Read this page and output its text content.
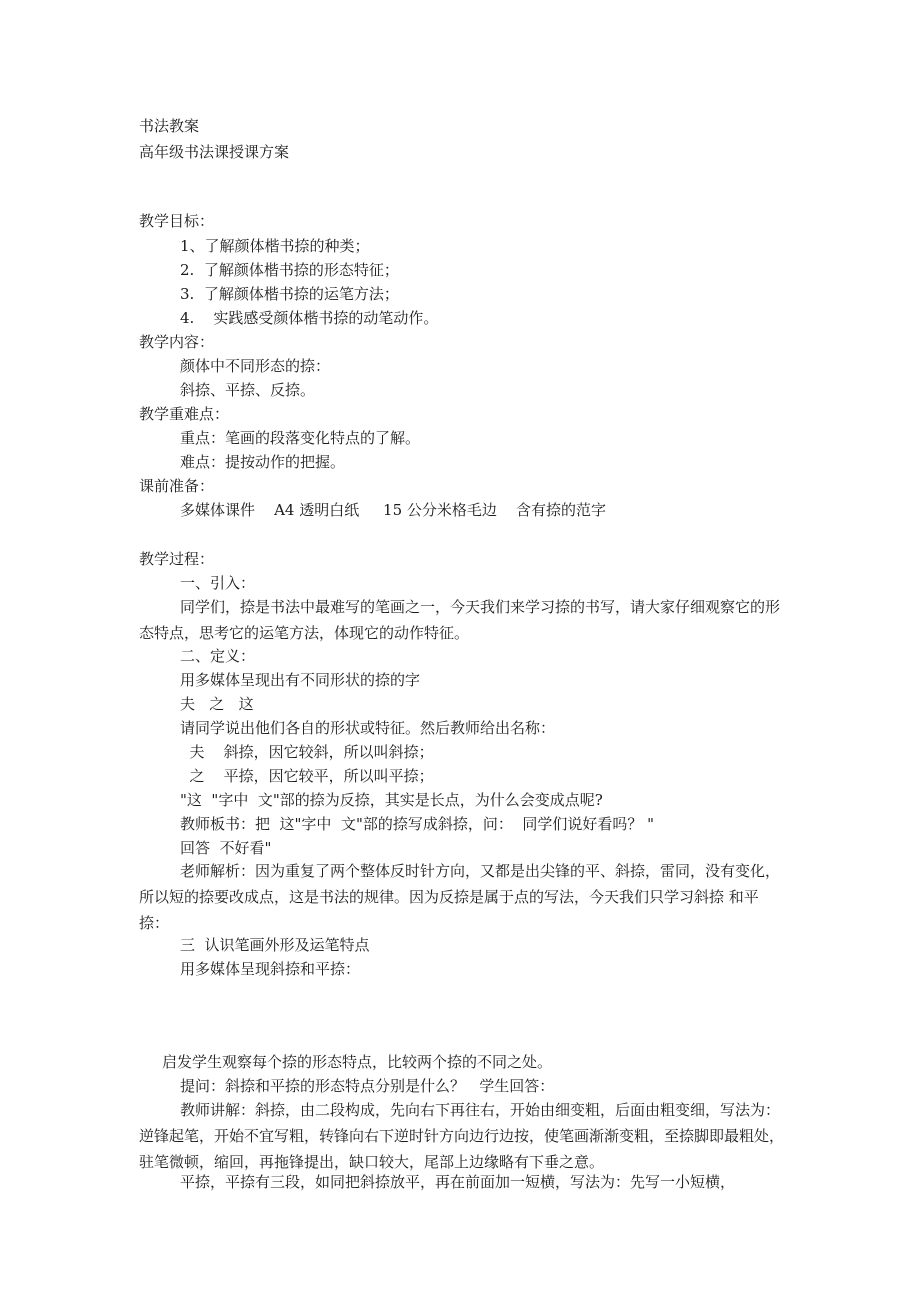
书法教案
高年级书法课授课方案
教学目标：
1、了解颜体楷书捺的种类；
2.  了解颜体楷书捺的形态特征；
3.  了解颜体楷书捺的运笔方法；
4.    实践感受颜体楷书捺的动笔动作。
教学内容：
颜体中不同形态的捺：
斜捺、平捺、反捺。
教学重难点：
重点：笔画的段落变化特点的了解。
难点：提按动作的把握。
课前准备：
多媒体课件    A4 透明白纸     15 公分米格毛边    含有捺的范字
教学过程：
一、引入：
同学们，捺是书法中最难写的笔画之一，今天我们来学习捺的书写，请大家仔细观察它的形态特点，思考它的运笔方法，体现它的动作特征。
二、定义：
用多媒体呈现出有不同形状的捺的字
夫   之   这
请同学说出他们各自的形状或特征。然后教师给出名称：
夫    斜捺，因它较斜，所以叫斜捺；
之    平捺，因它较平，所以叫平捺；
"这  "字中  文"部的捺为反捺，其实是长点，为什么会变成点呢?
教师板书：把  这"字中  文"部的捺写成斜捺，问：  同学们说好看吗？ "
回答  不好看"
老师解析：因为重复了两个整体反时针方向，又都是出尖锋的平、斜捺，雷同，没有变化，所以短的捺要改成点，这是书法的规律。因为反捺是属于点的写法，今天我们只学习斜捺 和平捺：
三  认识笔画外形及运笔特点
用多媒体呈现斜捺和平捺：
启发学生观察每个捺的形态特点，比较两个捺的不同之处。
提问：斜捺和平捺的形态特点分别是什么？   学生回答：
教师讲解：斜捺，由二段构成，先向右下再往右，开始由细变粗，后面由粗变细，写法为：逆锋起笔，开始不宜写粗，转锋向右下逆时针方向边行边按，使笔画渐渐变粗，至捺脚即最粗处，驻笔微顿，缩回，再拖锋提出，缺口较大，尾部上边缘略有下垂之意。
平捺，平捺有三段，如同把斜捺放平，再在前面加一短横，写法为：先写一小短横，
